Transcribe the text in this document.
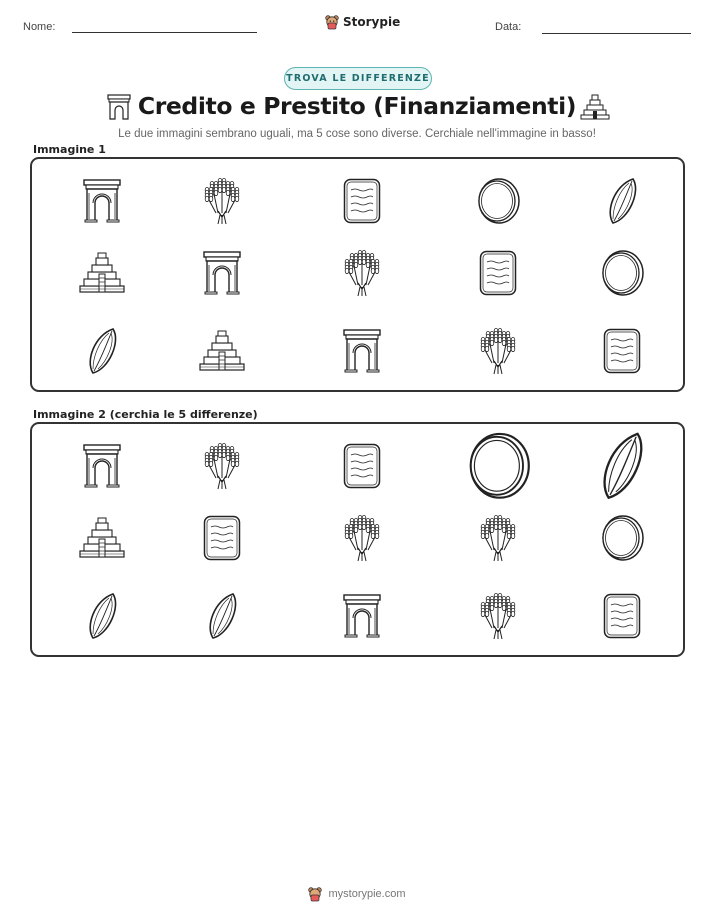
Nome:	Storypie	Data:
TROVA LE DIFFERENZE
Credito e Prestito (Finanziamenti)
Le due immagini sembrano uguali, ma 5 cose sono diverse. Cerchiale nell'immagine in basso!
Immagine 1
Immagine 2 (cerchia le 5 differenze)
mystorypie.com
